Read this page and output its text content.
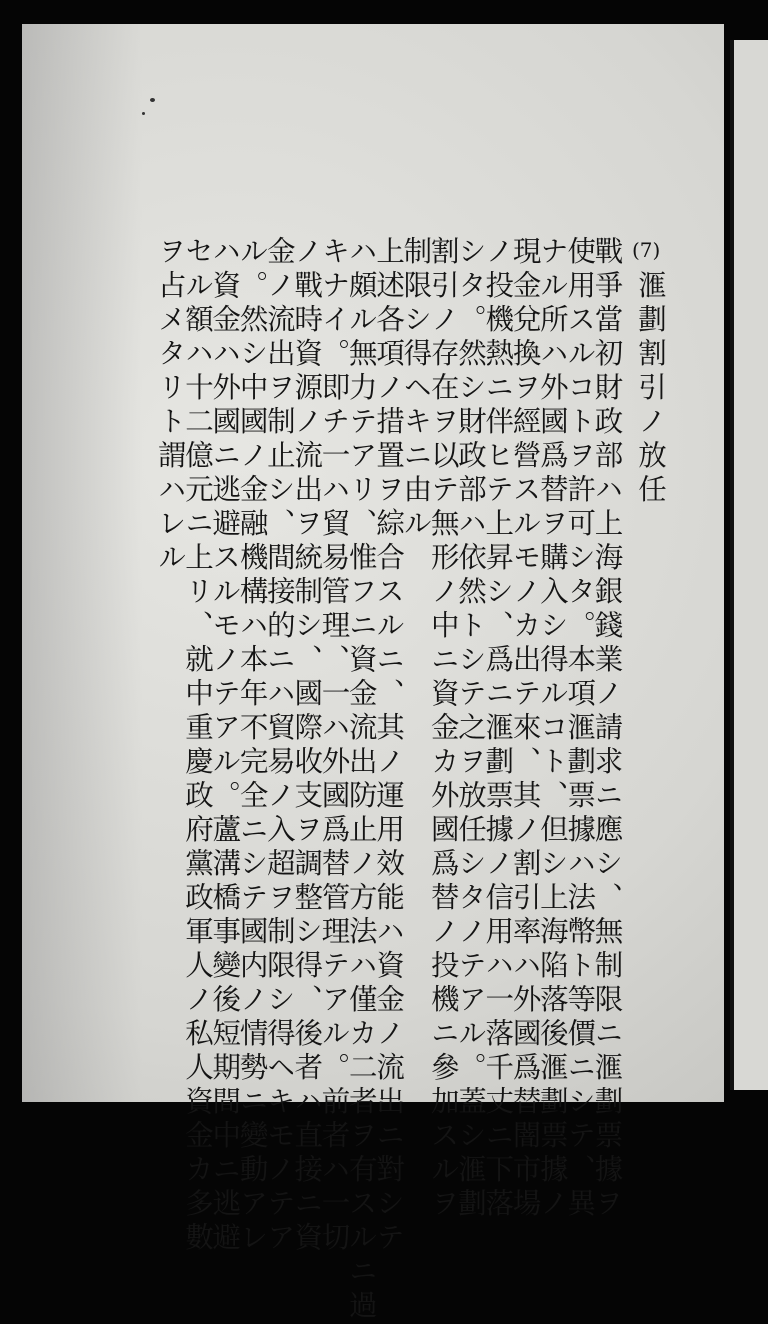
(7)
滙劃割引ノ放任
戰爭當初財政部ハ上海銀錢業ノ請求ニ應シ、無制限ニ滙劃票據ヲ
使用スルコトヲ許可シタ。本項滙劃票據ハ法幣ト等價ニシテ、異
ナル所ハ外國爲替ヲ購入シ得ルコト、但シ上海陷落後滙劃票據ノ
現金兌換ヲ經營スルモノカ出テ來、其ノ割引率ハ外國爲替闇市場
ノ投機熱ニ伴ヒテ上昇シ、爲ニ滙劃票據ノ信用ハ一落千丈ニ下落
シタ。然シ財政部ハ依然トシテ之ヲ放任シタノテアル。蓋シ滙劃
割引ノ存在ヲ以テ無形ノ中ニ資金カ外國爲替ノ投機ニ參加スルヲ
制限シ得ヘキニ由ル
上述各項ノ措置ヲ綜合スルニ、其ノ運用效能ハ資金ノ流出ニ對シテ
ハ頗ル無力テアリ、惟フニ資金流出防止ノ方法ハ僅カ二者ヲ有スルニ過
キナイ。即チ一ハ貿易管理、一ハ外國爲替管理テアル。前者ハ一切
ノ戰時資源ノ流出ヲ統制シ、國際收支ヲ調整シ得、後者ハ直接ニ資
金ノ流出ヲ制止シ、間接的ニハ貿易ノ入超ヲ制限シ得ヘキモノテア
ル。然シ中國ノ金融機構ハ本年不完全ニシテ國内ノ情勢ニ變動アレ
ハ資金ハ外國ニ逃避スルモノテアル。蘆溝橋事變後短期間中ニ逃避
セル額ハ十二億元ニ上リ、就中重慶政府黨政軍人ノ私人資金カ多數
ヲ占メタリト謂ハレル
